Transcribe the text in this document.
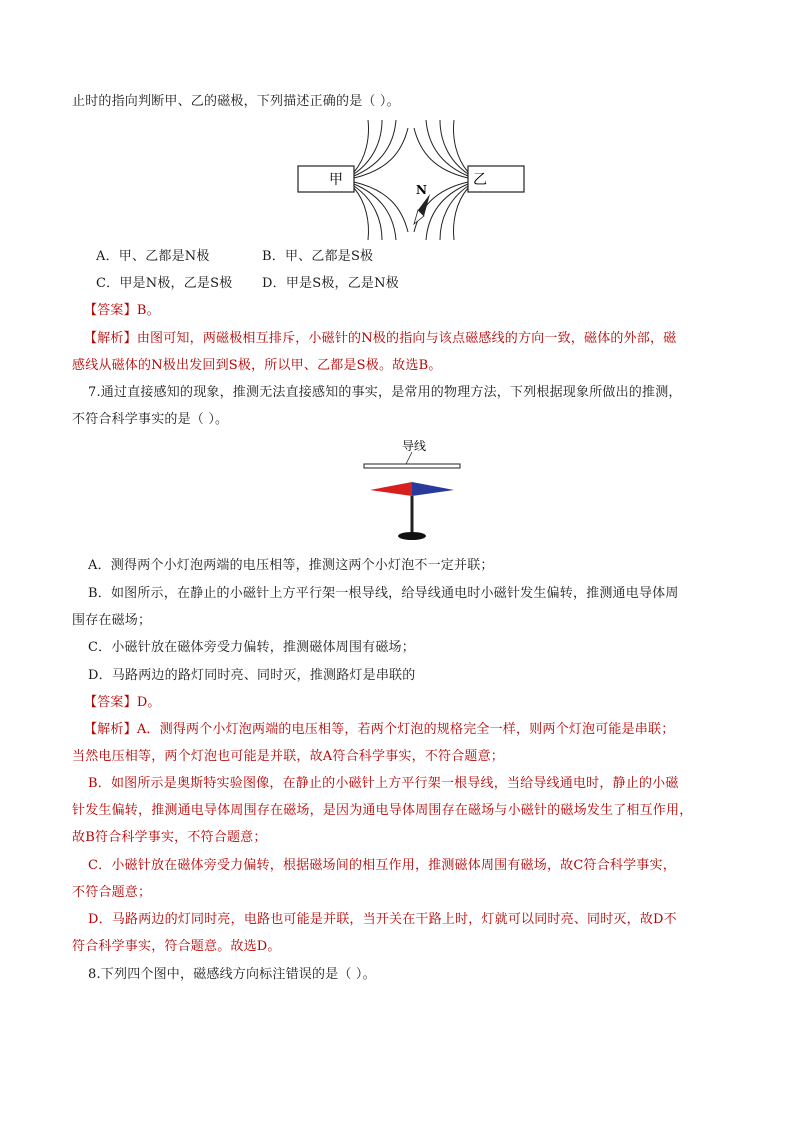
止时的指向判断甲、乙的磁极，下列描述正确的是（ ）。
甲	乙
N
A．甲、乙都是N极	B．甲、乙都是S极
C．甲是N极，乙是S极 D．甲是S极，乙是N极
【答案】B。
【解析】由图可知，两磁极相互排斥，小磁针的N极的指向与该点磁感线的方向一致，磁体的外部，磁
感线从磁体的N极出发回到S极，所以甲、乙都是S极。故选B。
7.通过直接感知的现象，推测无法直接感知的事实，是常用的物理方法，下列根据现象所做出的推测，
不符合科学事实的是（ ）。
导线
A．测得两个小灯泡两端的电压相等，推测这两个小灯泡不一定并联；
B．如图所示，在静止的小磁针上方平行架一根导线，给导线通电时小磁针发生偏转，推测通电导体周
围存在磁场；
C．小磁针放在磁体旁受力偏转，推测磁体周围有磁场；
D．马路两边的路灯同时亮、同时灭，推测路灯是串联的
【答案】D。
【解析】A．测得两个小灯泡两端的电压相等，若两个灯泡的规格完全一样，则两个灯泡可能是串联；
当然电压相等，两个灯泡也可能是并联，故A符合科学事实，不符合题意；
B．如图所示是奥斯特实验图像，在静止的小磁针上方平行架一根导线，当给导线通电时，静止的小磁
针发生偏转，推测通电导体周围存在磁场，是因为通电导体周围存在磁场与小磁针的磁场发生了相互作用，
故B符合科学事实，不符合题意；
C．小磁针放在磁体旁受力偏转，根据磁场间的相互作用，推测磁体周围有磁场，故C符合科学事实，
不符合题意；
D．马路两边的灯同时亮，电路也可能是并联，当开关在干路上时，灯就可以同时亮、同时灭，故D不
符合科学事实，符合题意。故选D。
8.下列四个图中，磁感线方向标注错误的是（ ）。
